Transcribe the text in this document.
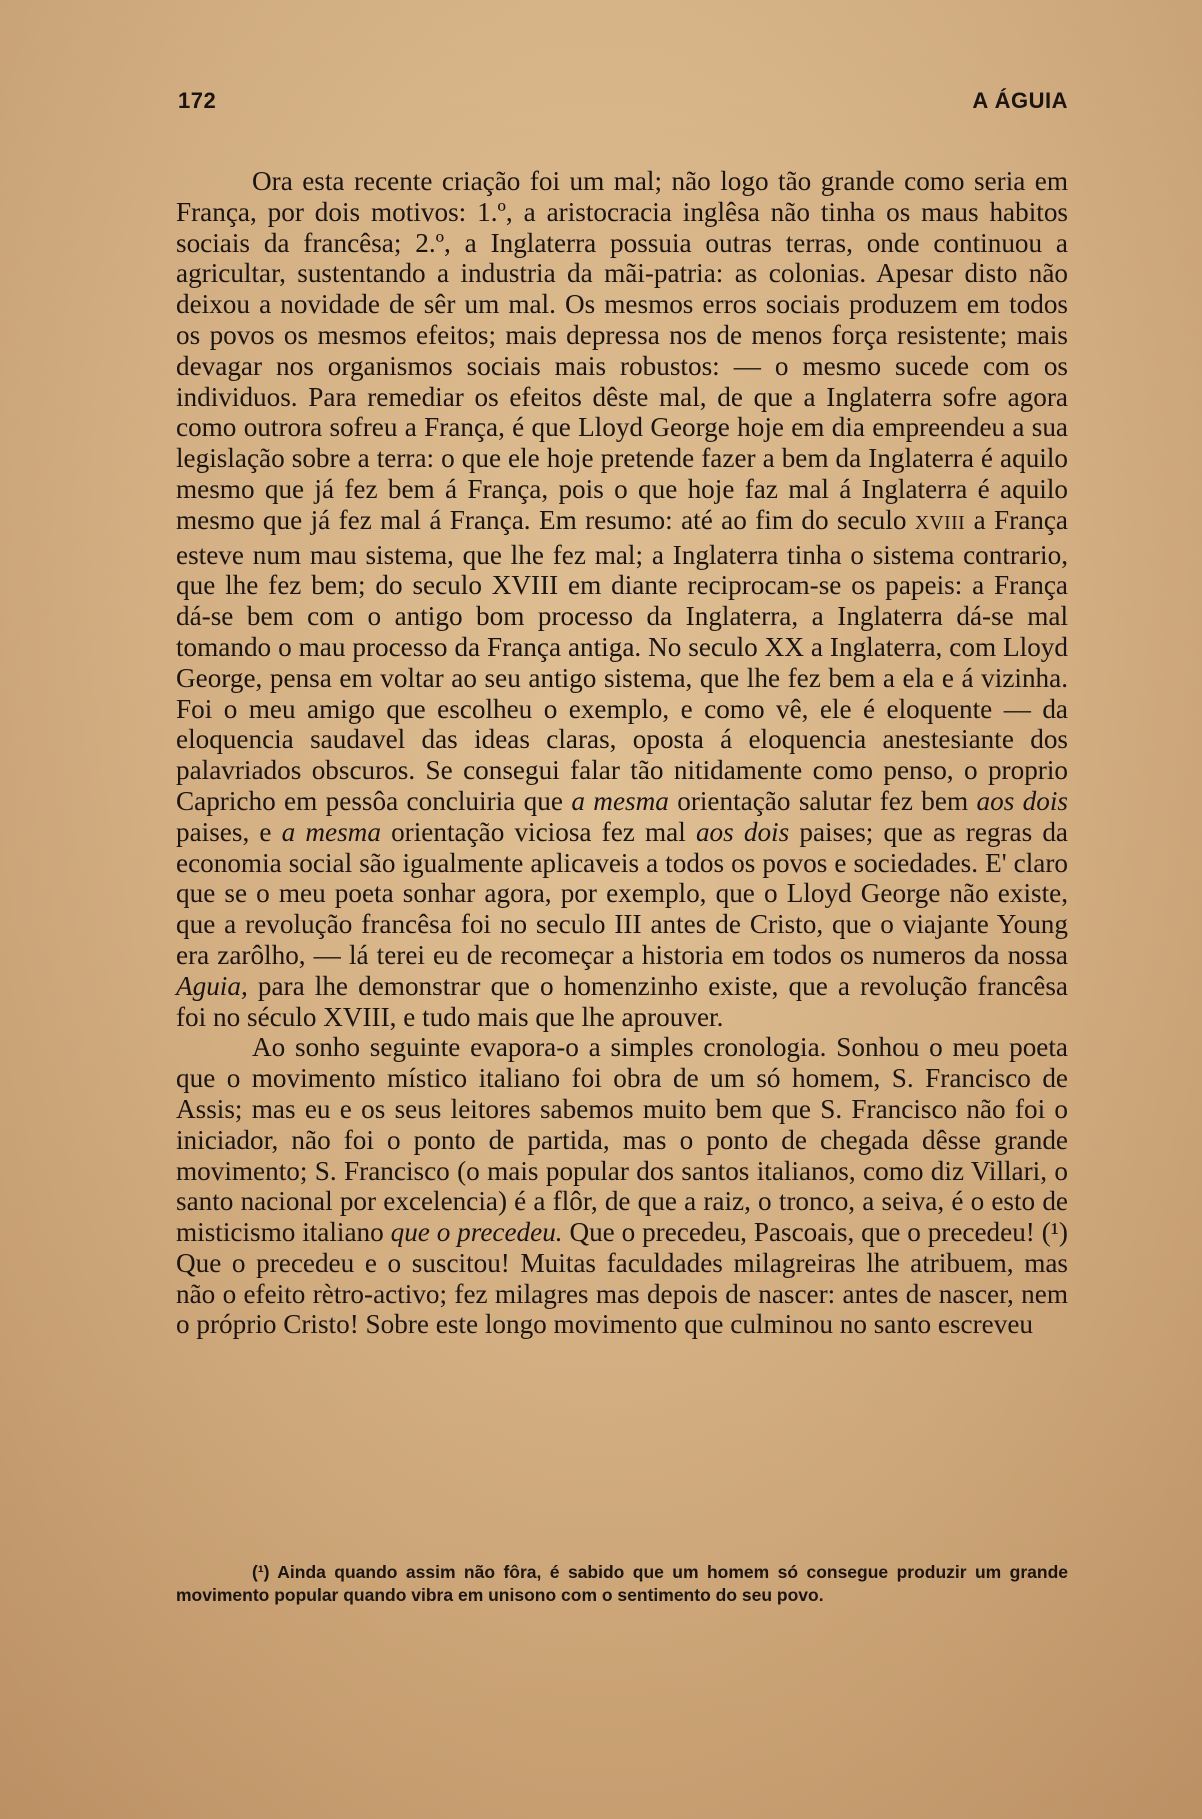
172	A ÁGUIA

Ora esta recente criação foi um mal; não logo tão grande como seria em França, por dois motivos: 1.º, a aristocracia inglêsa não tinha os maus habitos sociais da francêsa; 2.º, a Inglaterra possuia outras terras, onde continuou a agricultar, sustentando a industria da mãi-patria: as colonias. Apesar disto não deixou a novidade de sêr um mal. Os mesmos erros sociais produzem em todos os povos os mesmos efeitos; mais depressa nos de menos força resistente; mais devagar nos organismos sociais mais robustos: — o mesmo sucede com os individuos. Para remediar os efeitos dêste mal, de que a Inglaterra sofre agora como outrora sofreu a França, é que Lloyd George hoje em dia empreendeu a sua legislação sobre a terra: o que ele hoje pretende fazer a bem da Inglaterra é aquilo mesmo que já fez bem á França, pois o que hoje faz mal á Inglaterra é aquilo mesmo que já fez mal á França. Em resumo: até ao fim do seculo XVIII a França esteve num mau sistema, que lhe fez mal; a Inglaterra tinha o sistema contrario, que lhe fez bem; do seculo XVIII em diante reciprocam-se os papeis: a França dá-se bem com o antigo bom processo da Inglaterra, a Inglaterra dá-se mal tomando o mau processo da França antiga. No seculo XX a Inglaterra, com Lloyd George, pensa em voltar ao seu antigo sistema, que lhe fez bem a ela e á vizinha. Foi o meu amigo que escolheu o exemplo, e como vê, ele é eloquente — da eloquencia saudavel das ideas claras, oposta á eloquencia anestesiante dos palavriados obscuros. Se consegui falar tão nitidamente como penso, o proprio Capricho em pessôa concluiria que a mesma orientação salutar fez bem aos dois paises, e a mesma orientação viciosa fez mal aos dois paises; que as regras da economia social são igualmente aplicaveis a todos os povos e sociedades. E' claro que se o meu poeta sonhar agora, por exemplo, que o Lloyd George não existe, que a revolução francêsa foi no seculo III antes de Cristo, que o viajante Young era zarôlho, — lá terei eu de recomeçar a historia em todos os numeros da nossa Aguia, para lhe demonstrar que o homenzinho existe, que a revolução francêsa foi no século XVIII, e tudo mais que lhe aprouver.

Ao sonho seguinte evapora-o a simples cronologia. Sonhou o meu poeta que o movimento místico italiano foi obra de um só homem, S. Francisco de Assis; mas eu e os seus leitores sabemos muito bem que S. Francisco não foi o iniciador, não foi o ponto de partida, mas o ponto de chegada dêsse grande movimento; S. Francisco (o mais popular dos santos italianos, como diz Villari, o santo nacional por excelencia) é a flôr, de que a raiz, o tronco, a seiva, é o esto de misticismo italiano que o precedeu. Que o precedeu, Pascoais, que o precedeu! (¹) Que o precedeu e o suscitou! Muitas faculdades milagreiras lhe atribuem, mas não o efeito rètro-activo; fez milagres mas depois de nascer: antes de nascer, nem o próprio Cristo! Sobre este longo movimento que culminou no santo escreveu

(¹) Ainda quando assim não fôra, é sabido que um homem só consegue produzir um grande movimento popular quando vibra em unisono com o sentimento do seu povo.
